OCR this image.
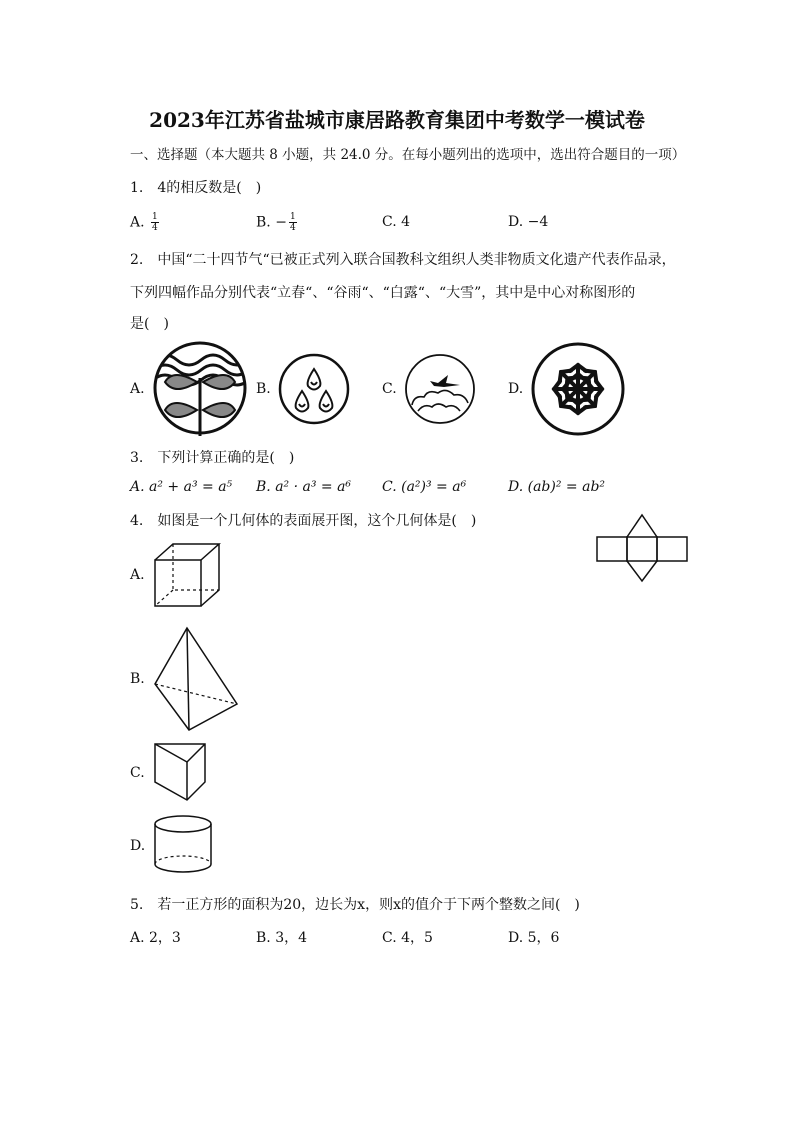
2023年江苏省盐城市康居路教育集团中考数学一模试卷
一、选择题（本大题共 8 小题，共 24.0 分。在每小题列出的选项中，选出符合题目的一项）
1.　4的相反数是(　)
A. $\frac{1}{4}$	B. − $\frac{1}{4}$	C. 4	D. −4
2.　中国“二十四节气“已被正式列入联合国教科文组织人类非物质文化遗产代表作品录，
下列四幅作品分别代表“立春“、“谷雨“、“白露“、“大雪”，其中是中心对称图形的
是(　)
A.	B.	C.	D.
3.　下列计算正确的是(　)
A. a² + a³ = a⁵ B. a² · a³ = a⁶ C. (a²)³ = a⁶	D. (ab)² = ab²
4.　如图是一个几何体的表面展开图，这个几何体是(　)
A.
B.
C.
D.
5.　若一正方形的面积为20，边长为x，则x的值介于下两个整数之间(　)
A. 2，3	B. 3，4	C. 4，5	D. 5，6
